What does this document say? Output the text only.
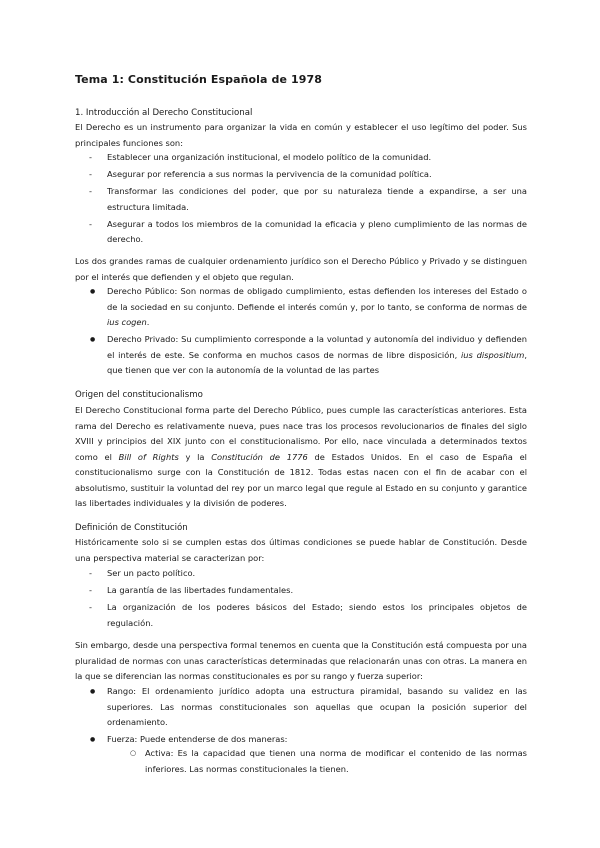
Tema 1: Constitución Española de 1978
1. Introducción al Derecho Constitucional
El Derecho es un instrumento para organizar la vida en común y establecer el uso legítimo del poder. Sus principales funciones son:
- Establecer una organización institucional, el modelo político de la comunidad.
- Asegurar por referencia a sus normas la pervivencia de la comunidad política.
- Transformar las condiciones del poder, que por su naturaleza tiende a expandirse, a ser una estructura limitada.
- Asegurar a todos los miembros de la comunidad la eficacia y pleno cumplimiento de las normas de derecho.
Los dos grandes ramas de cualquier ordenamiento jurídico son el Derecho Público y Privado y se distinguen por el interés que defienden y el objeto que regulan.
● Derecho Público: Son normas de obligado cumplimiento, estas defienden los intereses del Estado o de la sociedad en su conjunto. Defiende el interés común y, por lo tanto, se conforma de normas de ius cogen.
● Derecho Privado: Su cumplimiento corresponde a la voluntad y autonomía del individuo y defienden el interés de este. Se conforma en muchos casos de normas de libre disposición, ius dispositium, que tienen que ver con la autonomía de la voluntad de las partes
Origen del constitucionalismo
El Derecho Constitucional forma parte del Derecho Público, pues cumple las características anteriores. Esta rama del Derecho es relativamente nueva, pues nace tras los procesos revolucionarios de finales del siglo XVIII y principios del XIX junto con el constitucionalismo. Por ello, nace vinculada a determinados textos como el Bill of Rights y la Constitución de 1776 de Estados Unidos. En el caso de España el constitucionalismo surge con la Constitución de 1812. Todas estas nacen con el fin de acabar con el absolutismo, sustituir la voluntad del rey por un marco legal que regule al Estado en su conjunto y garantice las libertades individuales y la división de poderes.
Definición de Constitución
Históricamente solo si se cumplen estas dos últimas condiciones se puede hablar de Constitución. Desde una perspectiva material se caracterizan por:
- Ser un pacto político.
- La garantía de las libertades fundamentales.
- La organización de los poderes básicos del Estado; siendo estos los principales objetos de regulación.
Sin embargo, desde una perspectiva formal tenemos en cuenta que la Constitución está compuesta por una pluralidad de normas con unas características determinadas que relacionarán unas con otras. La manera en la que se diferencian las normas constitucionales es por su rango y fuerza superior:
● Rango: El ordenamiento jurídico adopta una estructura piramidal, basando su validez en las superiores. Las normas constitucionales son aquellas que ocupan la posición superior del ordenamiento.
● Fuerza: Puede entenderse de dos maneras:
○ Activa: Es la capacidad que tienen una norma de modificar el contenido de las normas inferiores. Las normas constitucionales la tienen.
